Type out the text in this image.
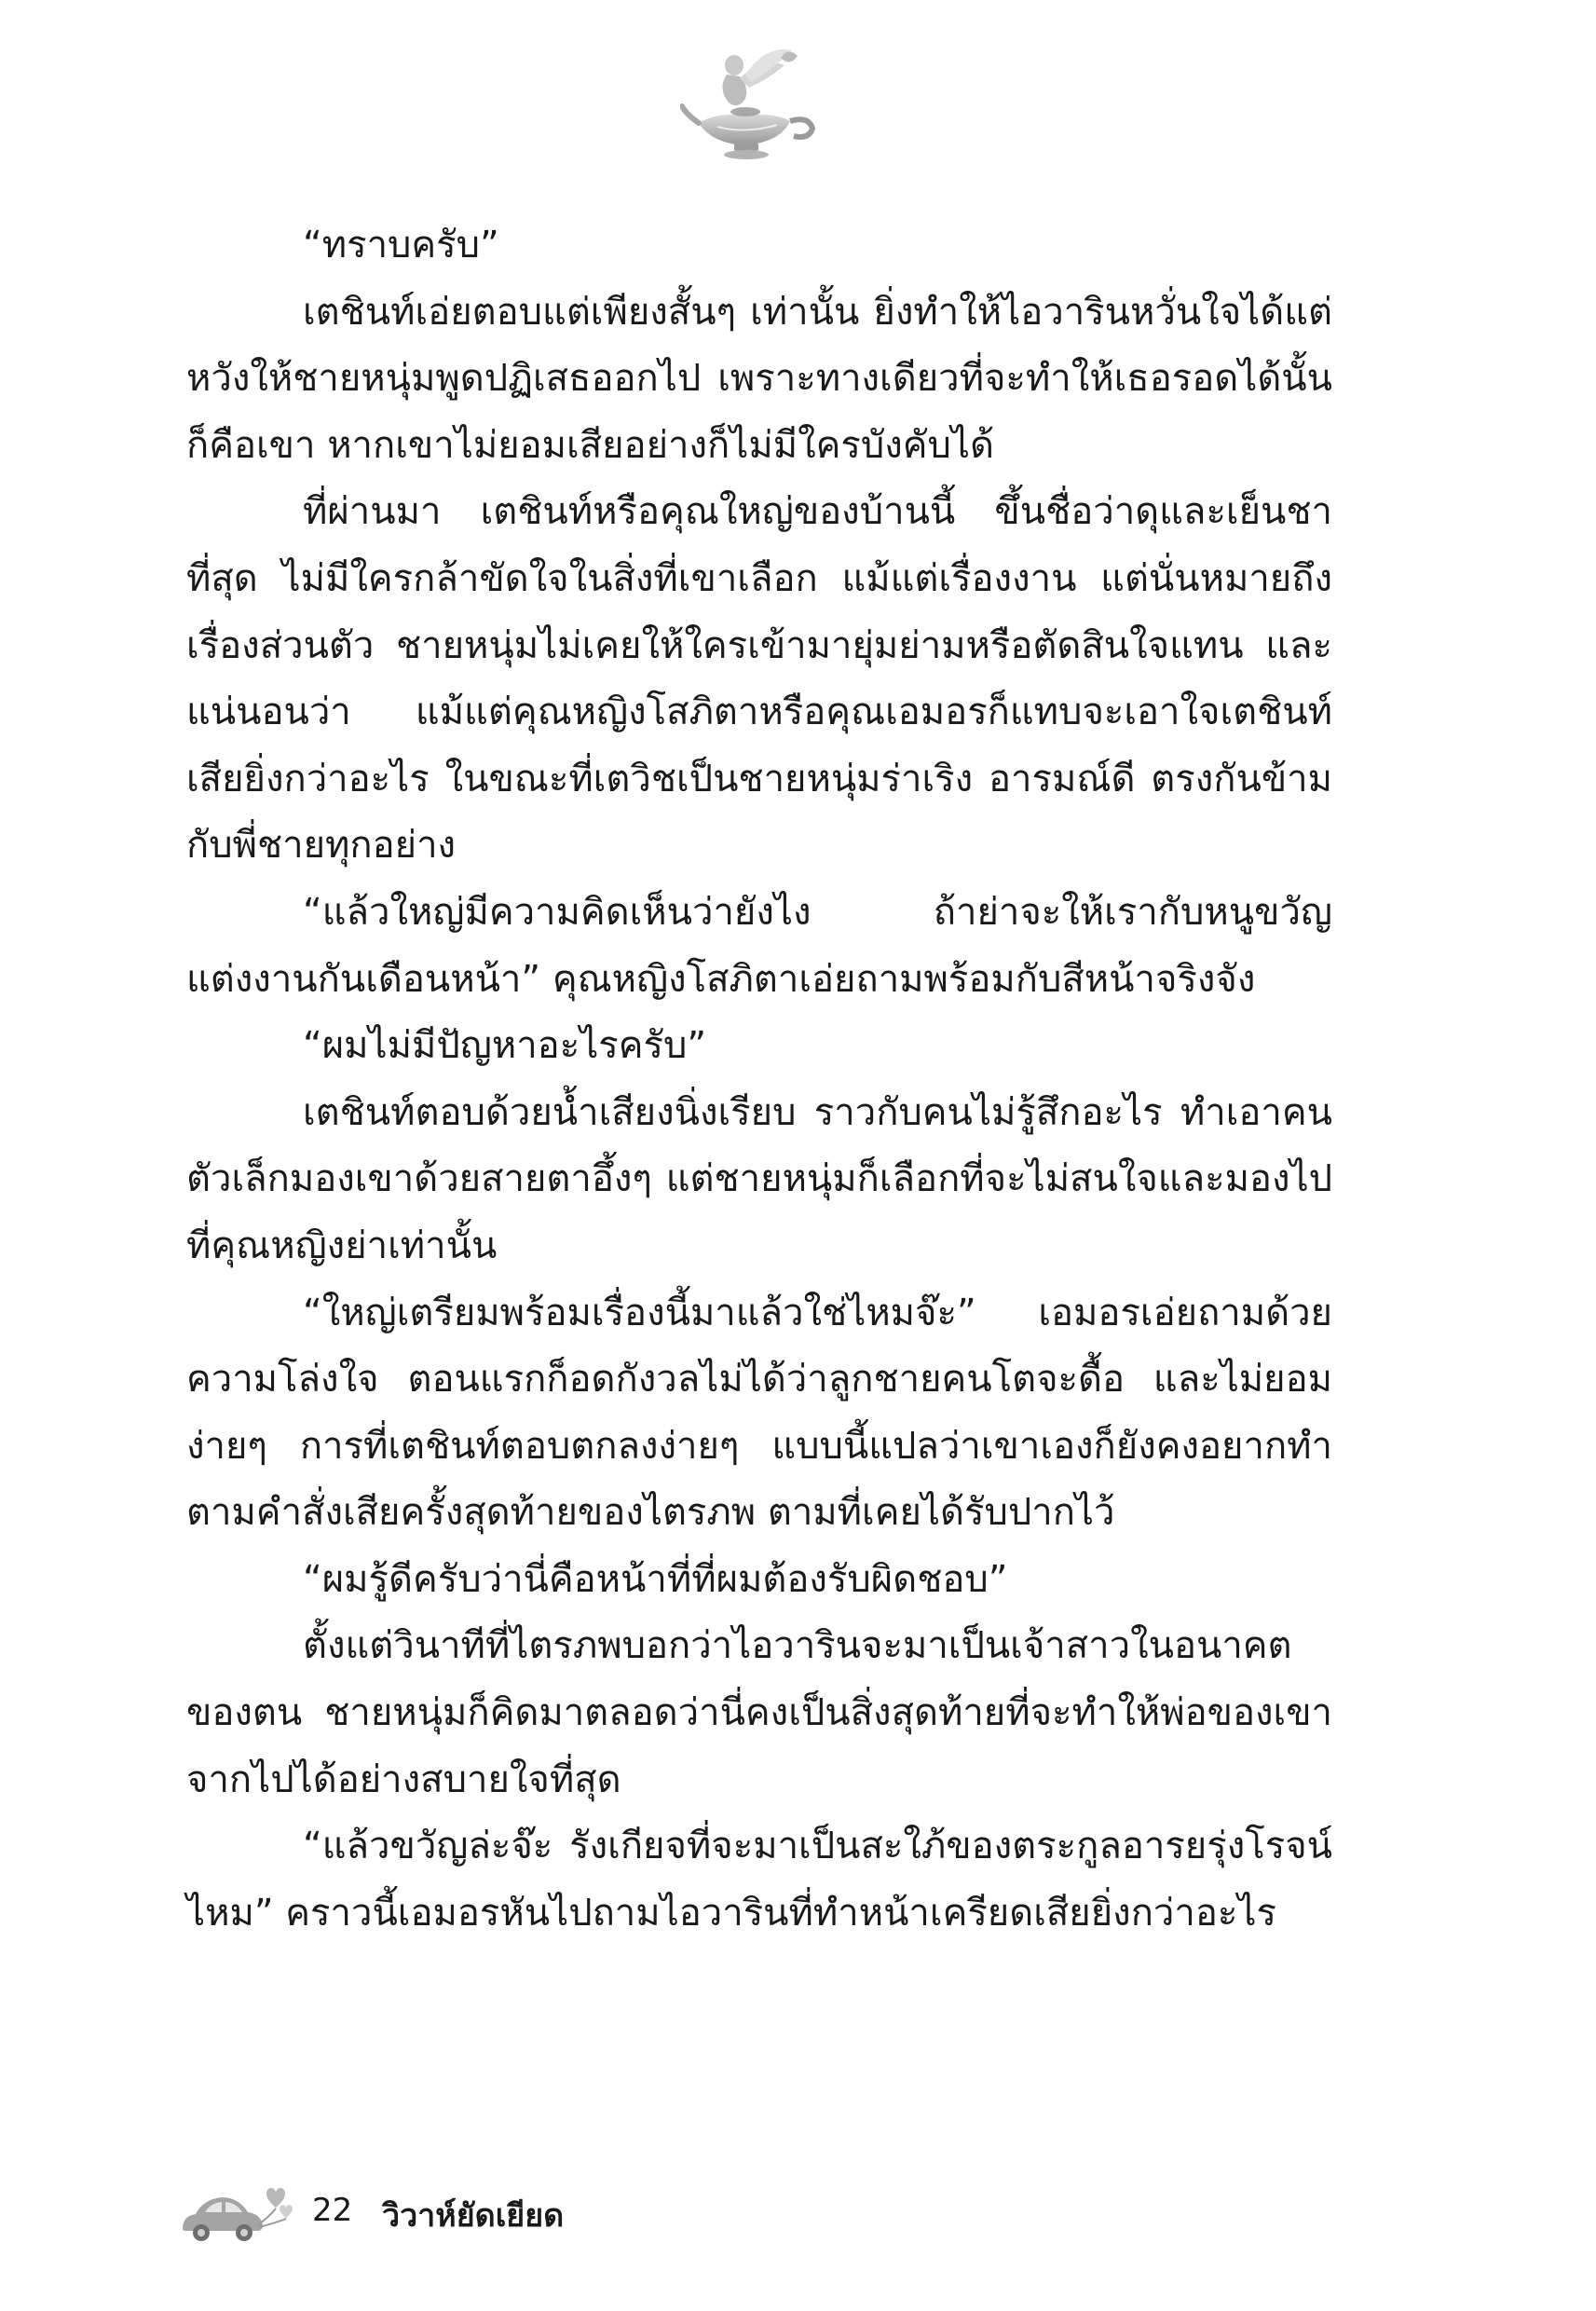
“ทราบครับ”

เตชินท์เอ่ยตอบแต่เพียงสั้นๆ เท่านั้น ยิ่งทำให้ไอวารินหวั่นใจได้แต่หวังให้ชายหนุ่มพูดปฏิเสธออกไป เพราะทางเดียวที่จะทำให้เธอรอดได้นั้นก็คือเขา หากเขาไม่ยอมเสียอย่างก็ไม่มีใครบังคับได้

ที่ผ่านมา เตชินท์หรือคุณใหญ่ของบ้านนี้ ขึ้นชื่อว่าดุและเย็นชาที่สุด ไม่มีใครกล้าขัดใจในสิ่งที่เขาเลือก แม้แต่เรื่องงาน แต่นั่นหมายถึงเรื่องส่วนตัว ชายหนุ่มไม่เคยให้ใครเข้ามายุ่มย่ามหรือตัดสินใจแทน และแน่นอนว่า แม้แต่คุณหญิงโสภิตาหรือคุณเอมอรก็แทบจะเอาใจเตชินท์เสียยิ่งกว่าอะไร ในขณะที่เตวิชเป็นชายหนุ่มร่าเริง อารมณ์ดี ตรงกันข้ามกับพี่ชายทุกอย่าง

“แล้วใหญ่มีความคิดเห็นว่ายังไง ถ้าย่าจะให้เรากับหนูขวัญแต่งงานกันเดือนหน้า” คุณหญิงโสภิตาเอ่ยถามพร้อมกับสีหน้าจริงจัง

“ผมไม่มีปัญหาอะไรครับ”

เตชินท์ตอบด้วยน้ำเสียงนิ่งเรียบ ราวกับคนไม่รู้สึกอะไร ทำเอาคนตัวเล็กมองเขาด้วยสายตาอึ้งๆ แต่ชายหนุ่มก็เลือกที่จะไม่สนใจและมองไปที่คุณหญิงย่าเท่านั้น

“ใหญ่เตรียมพร้อมเรื่องนี้มาแล้วใช่ไหมจ๊ะ” เอมอรเอ่ยถามด้วยความโล่งใจ ตอนแรกก็อดกังวลไม่ได้ว่าลูกชายคนโตจะดื้อ และไม่ยอมง่ายๆ การที่เตชินท์ตอบตกลงง่ายๆ แบบนี้แปลว่าเขาเองก็ยังคงอยากทำตามคำสั่งเสียครั้งสุดท้ายของไตรภพ ตามที่เคยได้รับปากไว้

“ผมรู้ดีครับว่านี่คือหน้าที่ที่ผมต้องรับผิดชอบ”

ตั้งแต่วินาทีที่ไตรภพบอกว่าไอวารินจะมาเป็นเจ้าสาวในอนาคตของตน ชายหนุ่มก็คิดมาตลอดว่านี่คงเป็นสิ่งสุดท้ายที่จะทำให้พ่อของเขาจากไปได้อย่างสบายใจที่สุด

“แล้วขวัญล่ะจ๊ะ รังเกียจที่จะมาเป็นสะใภ้ของตระกูลอารยรุ่งโรจน์ไหม” คราวนี้เอมอรหันไปถามไอวารินที่ทำหน้าเครียดเสียยิ่งกว่าอะไร

22 วิวาห์ยัดเยียด
